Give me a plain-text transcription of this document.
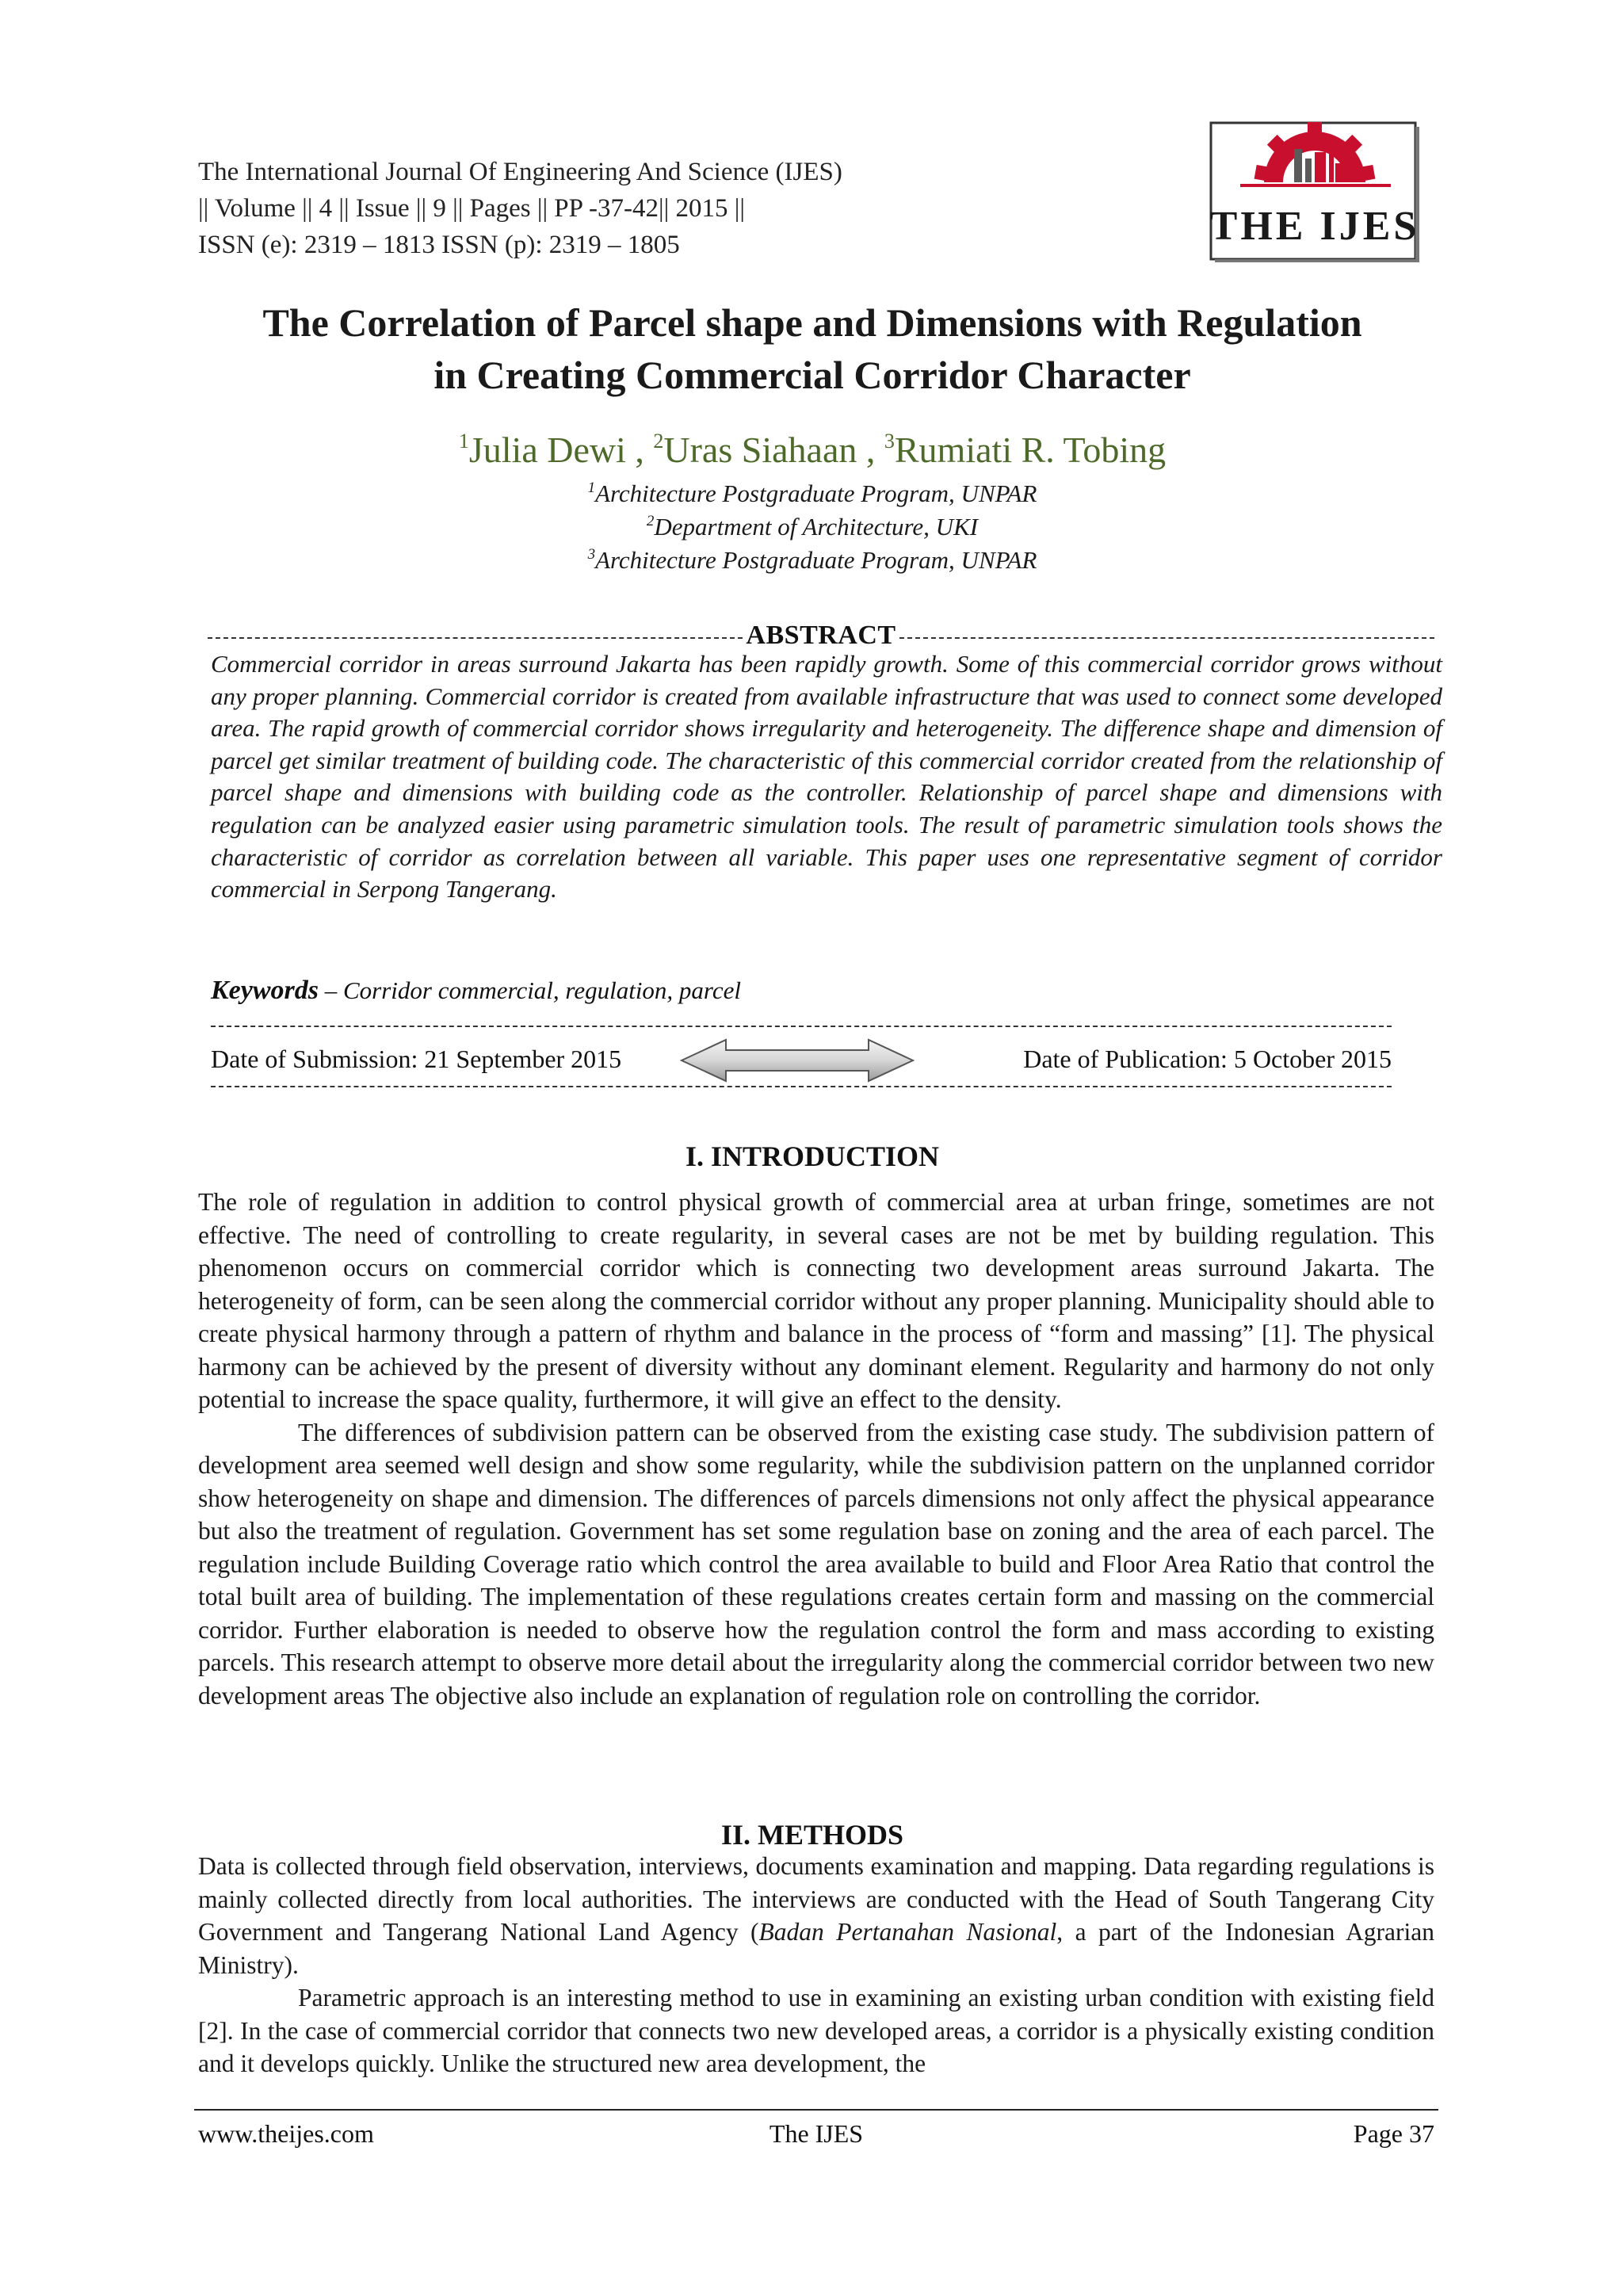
The International Journal Of Engineering And Science (IJES)
|| Volume || 4 || Issue || 9 || Pages || PP -37-42|| 2015 ||
ISSN (e): 2319 – 1813 ISSN (p): 2319 – 1805	THE IJES
The Correlation of Parcel shape and Dimensions with Regulation
in Creating Commercial Corridor Character
$^1$Julia Dewi , $^2$Uras Siahaan , $^3$Rumiati R. Tobing
$^1$Architecture Postgraduate Program, UNPAR
$^2$Department of Architecture, UKI
$^3$Architecture Postgraduate Program, UNPAR
ABSTRACT
Commercial corridor in areas surround Jakarta has been rapidly growth. Some of this commercial corridor grows without any proper planning. Commercial corridor is created from available infrastructure that was used to connect some developed area. The rapid growth of commercial corridor shows irregularity and heterogeneity. The difference shape and dimension of parcel get similar treatment of building code. The characteristic of this commercial corridor created from the relationship of parcel shape and dimensions with building code as the controller. Relationship of parcel shape and dimensions with regulation can be analyzed easier using parametric simulation tools. The result of parametric simulation tools shows the characteristic of corridor as correlation between all variable. This paper uses one representative segment of corridor commercial in Serpong Tangerang.
Keywords – Corridor commercial, regulation, parcel
Date of Submission: 21 September 2015	Date of Publication: 5 October 2015
I. INTRODUCTION

The role of regulation in addition to control physical growth of commercial area at urban fringe, sometimes are not effective. The need of controlling to create regularity, in several cases are not be met by building regulation. This phenomenon occurs on commercial corridor which is connecting two development areas surround Jakarta. The heterogeneity of form, can be seen along the commercial corridor without any proper planning. Municipality should able to create physical harmony through a pattern of rhythm and balance in the process of “form and massing” [1]. The physical harmony can be achieved by the present of diversity without any dominant element. Regularity and harmony do not only potential to increase the space quality, furthermore, it will give an effect to the density.

The differences of subdivision pattern can be observed from the existing case study. The subdivision pattern of development area seemed well design and show some regularity, while the subdivision pattern on the unplanned corridor show heterogeneity on shape and dimension. The differences of parcels dimensions not only affect the physical appearance but also the treatment of regulation. Government has set some regulation base on zoning and the area of each parcel. The regulation include Building Coverage ratio which control the area available to build and Floor Area Ratio that control the total built area of building. The implementation of these regulations creates certain form and massing on the commercial corridor. Further elaboration is needed to observe how the regulation control the form and mass according to existing parcels. This research attempt to observe more detail about the irregularity along the commercial corridor between two new development areas The objective also include an explanation of regulation role on controlling the corridor.

II. METHODS

Data is collected through field observation, interviews, documents examination and mapping. Data regarding regulations is mainly collected directly from local authorities. The interviews are conducted with the Head of South Tangerang City Government and Tangerang National Land Agency (Badan Pertanahan Nasional, a part of the Indonesian Agrarian Ministry).

Parametric approach is an interesting method to use in examining an existing urban condition with existing field [2]. In the case of commercial corridor that connects two new developed areas, a corridor is a physically existing condition and it develops quickly. Unlike the structured new area development, the

www.theijes.com	The IJES	Page 37
